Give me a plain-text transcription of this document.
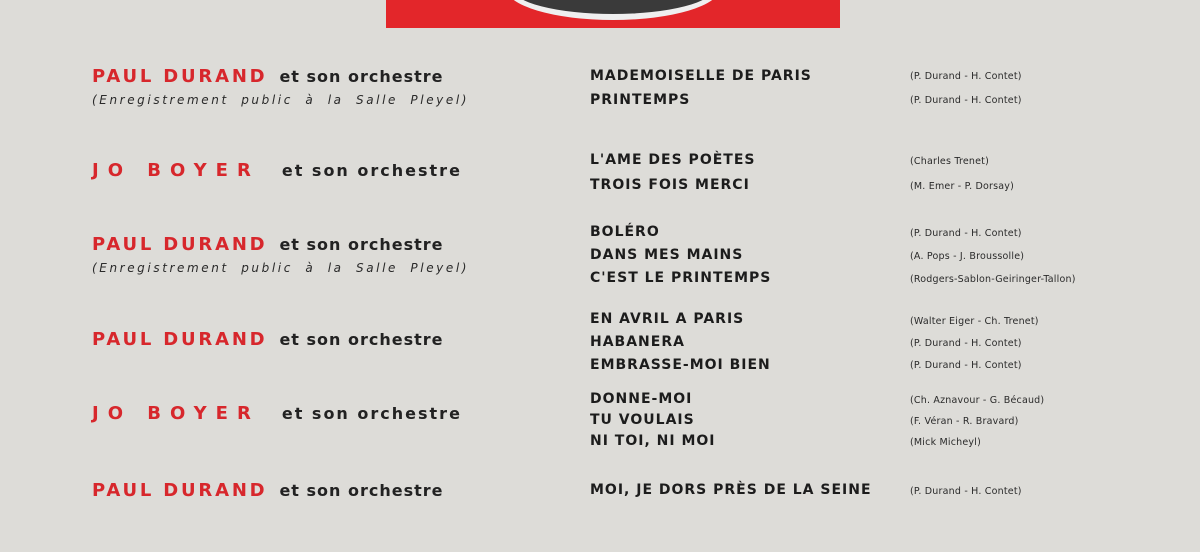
PAUL DURAND et son orchestre
(Enregistrement public à la Salle Pleyel)
MADEMOISELLE DE PARIS	(P. Durand - H. Contet)
PRINTEMPS	(P. Durand - H. Contet)
JO BOYER et son orchestre
L'AME DES POÈTES	(Charles Trenet)
TROIS FOIS MERCI	(M. Emer - P. Dorsay)
PAUL DURAND et son orchestre
(Enregistrement public à la Salle Pleyel)
BOLÉRO	(P. Durand - H. Contet)
DANS MES MAINS	(A. Pops - J. Broussolle)
C'EST LE PRINTEMPS	(Rodgers-Sablon-Geiringer-Tallon)
PAUL DURAND et son orchestre
EN AVRIL A PARIS	(Walter Eiger - Ch. Trenet)
HABANERA	(P. Durand - H. Contet)
EMBRASSE-MOI BIEN	(P. Durand - H. Contet)
JO BOYER et son orchestre
DONNE-MOI	(Ch. Aznavour - G. Bécaud)
TU VOULAIS	(F. Véran - R. Bravard)
NI TOI, NI MOI	(Mick Micheyl)
PAUL DURAND et son orchestre	MOI, JE DORS PRÈS DE LA SEINE	(P. Durand - H. Contet)
